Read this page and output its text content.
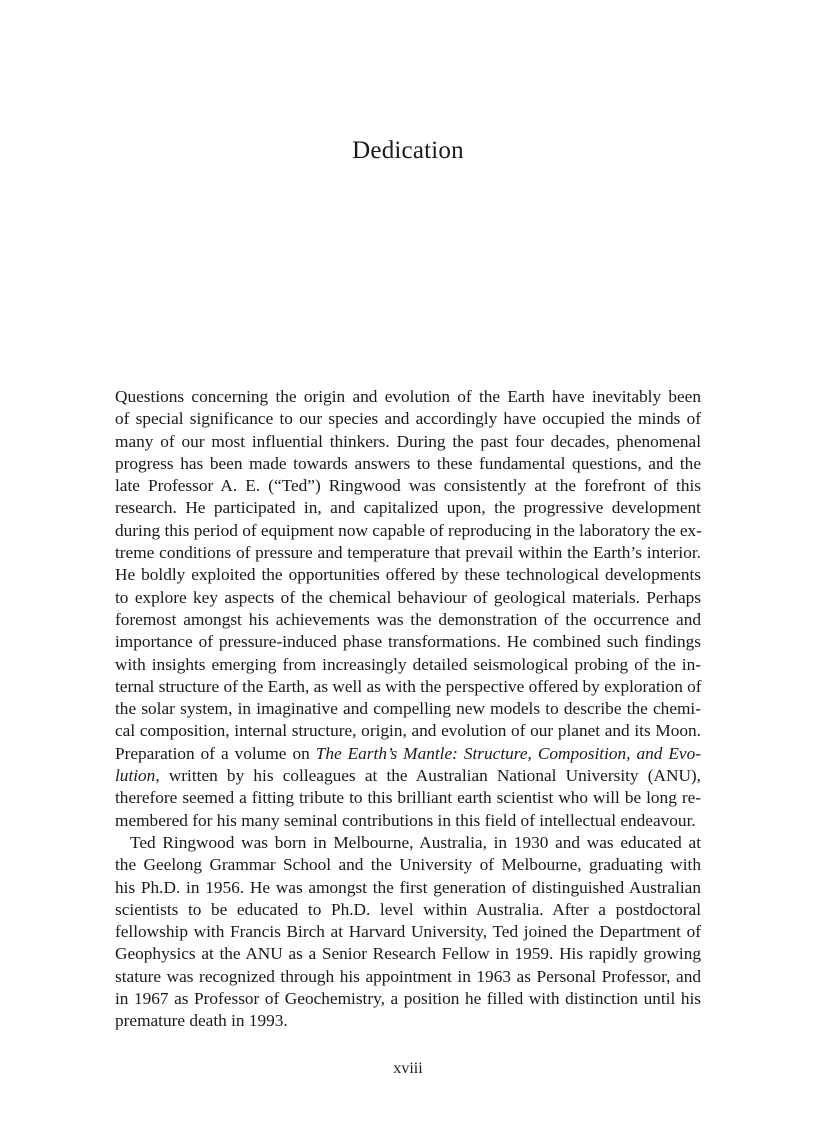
Dedication
Questions concerning the origin and evolution of the Earth have inevitably been
of special significance to our species and accordingly have occupied the minds of
many of our most influential thinkers. During the past four decades, phenomenal
progress has been made towards answers to these fundamental questions, and the
late Professor A. E. (“Ted”) Ringwood was consistently at the forefront of this
research. He participated in, and capitalized upon, the progressive development
during this period of equipment now capable of reproducing in the laboratory the ex-
treme conditions of pressure and temperature that prevail within the Earth’s interior.
He boldly exploited the opportunities offered by these technological developments
to explore key aspects of the chemical behaviour of geological materials. Perhaps
foremost amongst his achievements was the demonstration of the occurrence and
importance of pressure-induced phase transformations. He combined such findings
with insights emerging from increasingly detailed seismological probing of the in-
ternal structure of the Earth, as well as with the perspective offered by exploration of
the solar system, in imaginative and compelling new models to describe the chemi-
cal composition, internal structure, origin, and evolution of our planet and its Moon.
Preparation of a volume on The Earth’s Mantle: Structure, Composition, and Evo-
lution, written by his colleagues at the Australian National University (ANU),
therefore seemed a fitting tribute to this brilliant earth scientist who will be long re-
membered for his many seminal contributions in this field of intellectual endeavour.
Ted Ringwood was born in Melbourne, Australia, in 1930 and was educated at
the Geelong Grammar School and the University of Melbourne, graduating with
his Ph.D. in 1956. He was amongst the first generation of distinguished Australian
scientists to be educated to Ph.D. level within Australia. After a postdoctoral
fellowship with Francis Birch at Harvard University, Ted joined the Department of
Geophysics at the ANU as a Senior Research Fellow in 1959. His rapidly growing
stature was recognized through his appointment in 1963 as Personal Professor, and
in 1967 as Professor of Geochemistry, a position he filled with distinction until his
premature death in 1993.
xviii
